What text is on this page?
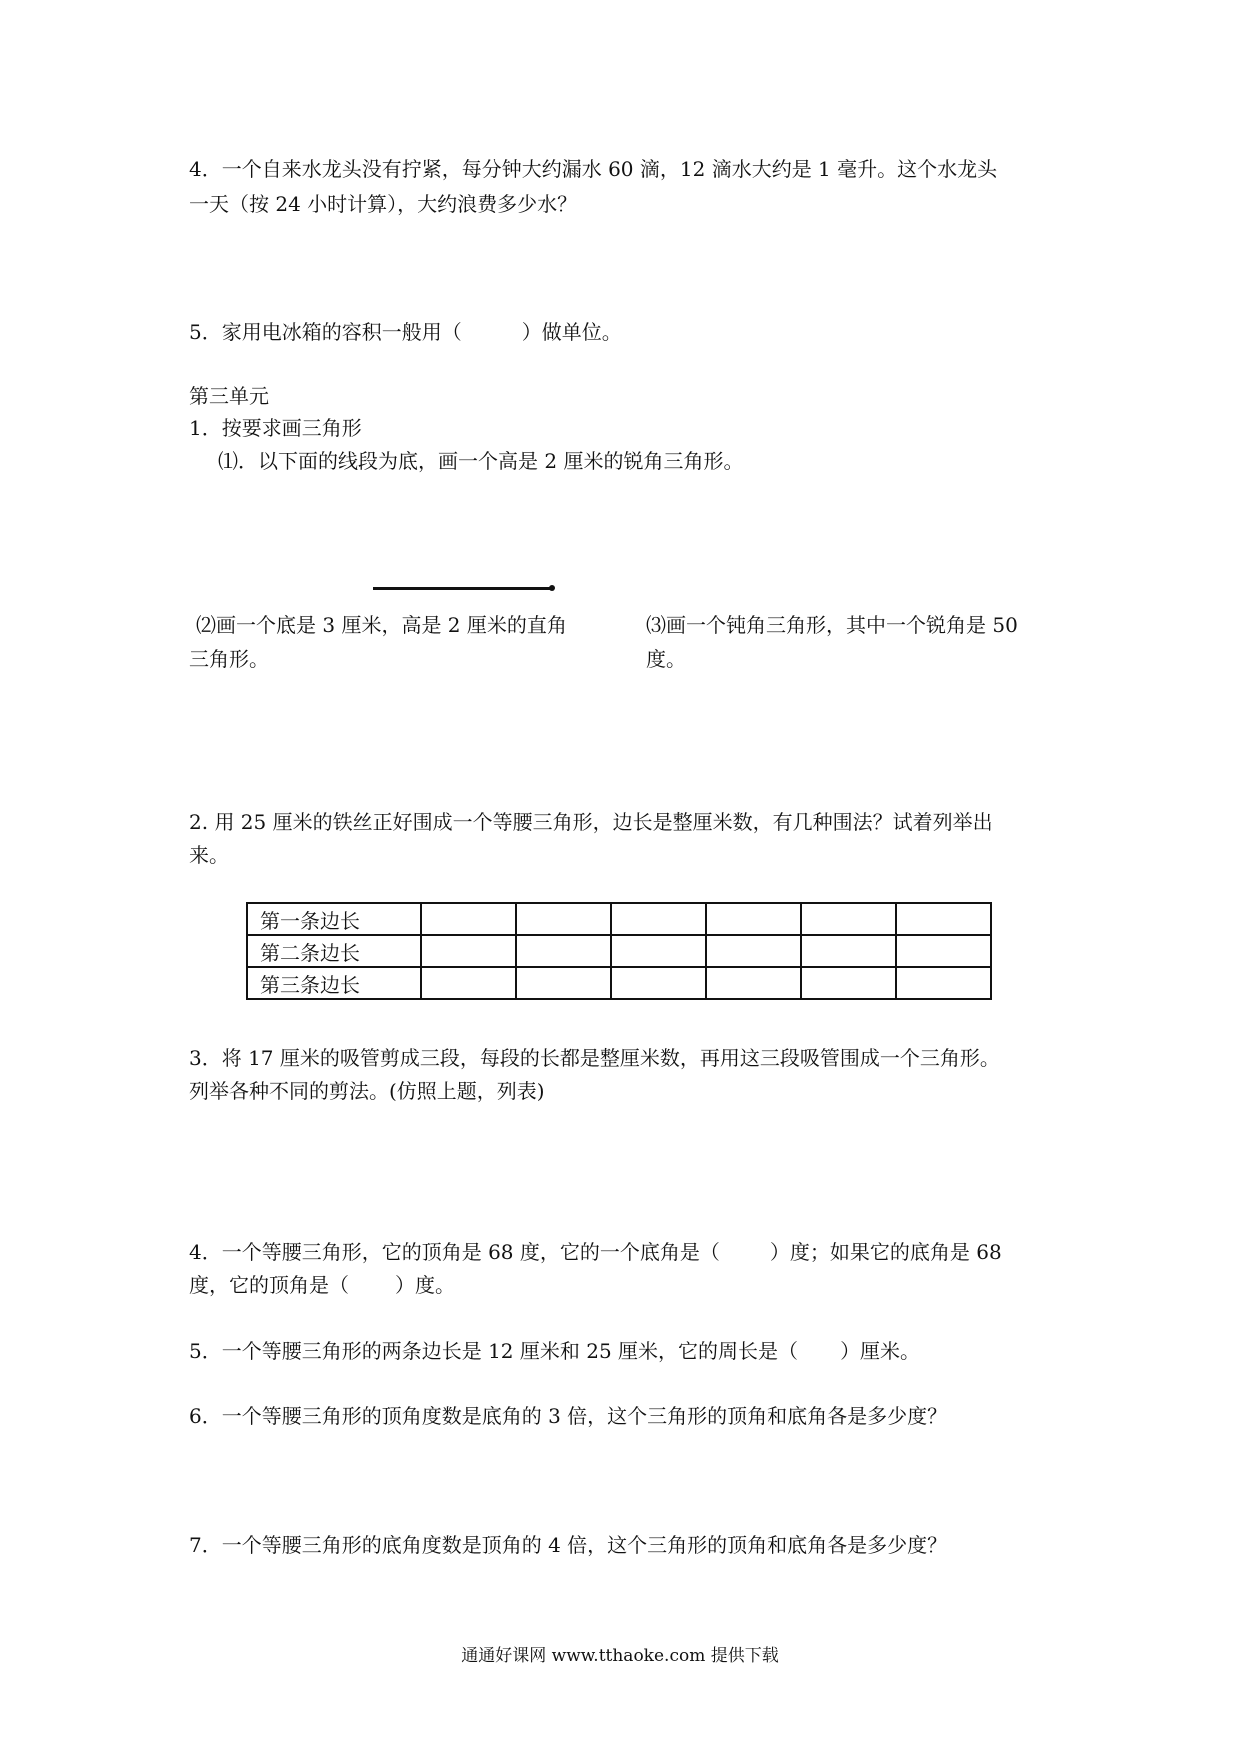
4．一个自来水龙头没有拧紧，每分钟大约漏水 60 滴，12 滴水大约是 1 毫升。这个水龙头
一天（按 24 小时计算），大约浪费多少水？
5．家用电冰箱的容积一般用（	）做单位。
第三单元
1．按要求画三角形
⑴．以下面的线段为底，画一个高是 2 厘米的锐角三角形。
⑵画一个底是 3 厘米，高是 2 厘米的直角
三角形。
⑶画一个钝角三角形，其中一个锐角是 50
度。
2. 用 25 厘米的铁丝正好围成一个等腰三角形，边长是整厘米数，有几种围法？试着列举出
来。
第一条边长						
第二条边长						
第三条边长						
3．将 17 厘米的吸管剪成三段，每段的长都是整厘米数，再用这三段吸管围成一个三角形。
列举各种不同的剪法。(仿照上题，列表)
4．一个等腰三角形，它的顶角是 68 度，它的一个底角是（	）度；如果它的底角是 68
度，它的顶角是（ ）度。
5．一个等腰三角形的两条边长是 12 厘米和 25 厘米，它的周长是（ ）厘米。
6．一个等腰三角形的顶角度数是底角的 3 倍，这个三角形的顶角和底角各是多少度？
7．一个等腰三角形的底角度数是顶角的 4 倍，这个三角形的顶角和底角各是多少度？
通通好课网 www.tthaoke.com 提供下载
